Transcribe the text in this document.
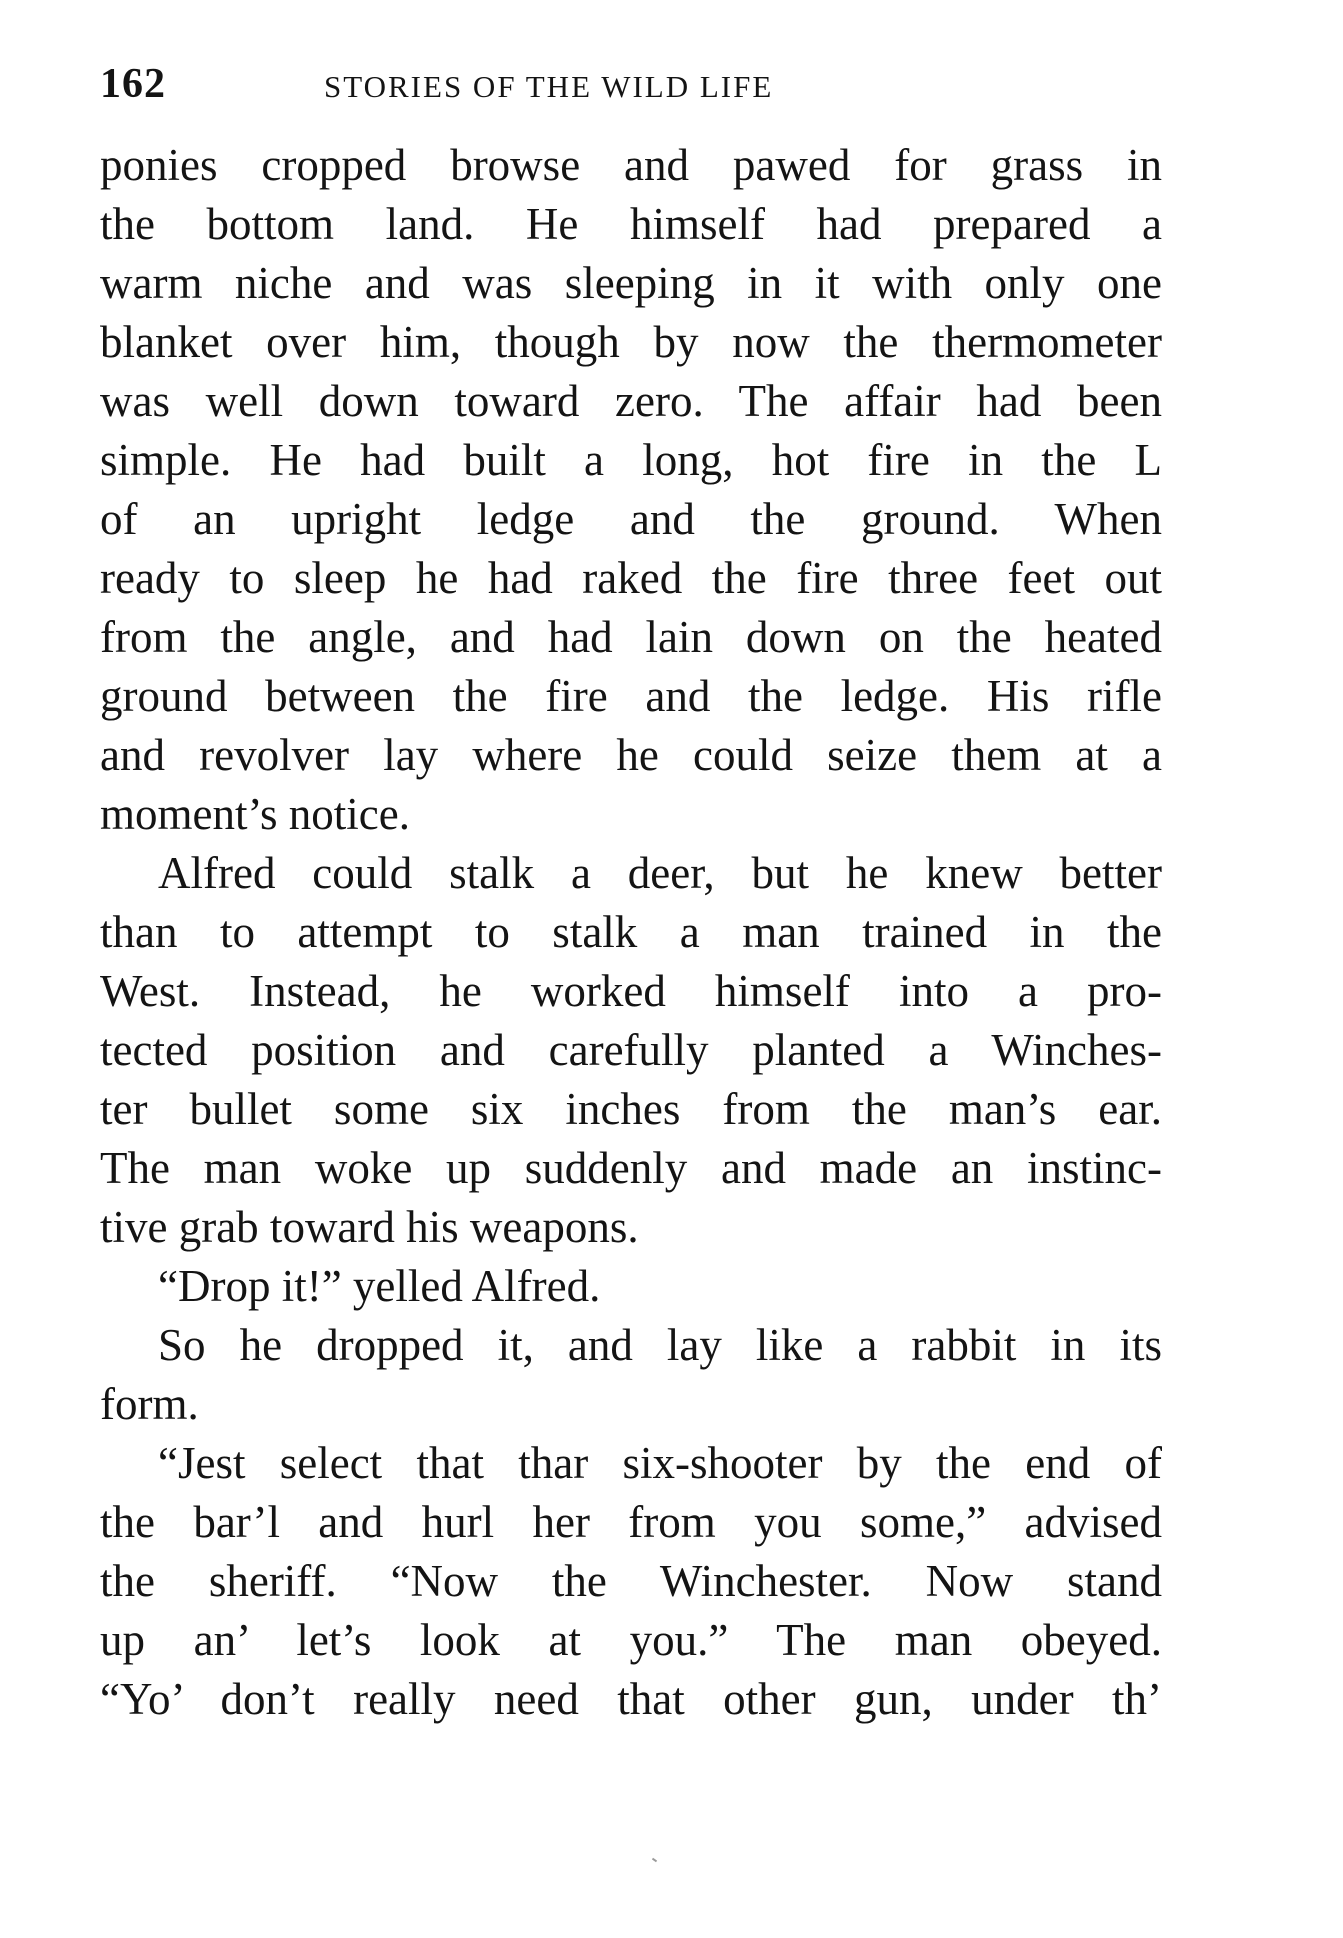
162	STORIES OF THE WILD LIFE
ponies cropped browse and pawed for grass in
the bottom land. He himself had prepared a
warm niche and was sleeping in it with only one
blanket over him, though by now the thermometer
was well down toward zero. The affair had been
simple. He had built a long, hot fire in the L
of an upright ledge and the ground. When
ready to sleep he had raked the fire three feet out
from the angle, and had lain down on the heated
ground between the fire and the ledge. His rifle
and revolver lay where he could seize them at a
moment’s notice.
Alfred could stalk a deer, but he knew better
than to attempt to stalk a man trained in the
West. Instead, he worked himself into a pro-
tected position and carefully planted a Winches-
ter bullet some six inches from the man’s ear.
The man woke up suddenly and made an instinc-
tive grab toward his weapons.
“Drop it!” yelled Alfred.
So he dropped it, and lay like a rabbit in its
form.
“Jest select that thar six-shooter by the end of
the bar’l and hurl her from you some,” advised
the sheriff. “Now the Winchester. Now stand
up an’ let’s look at you.” The man obeyed.
“Yo’ don’t really need that other gun, under th’
